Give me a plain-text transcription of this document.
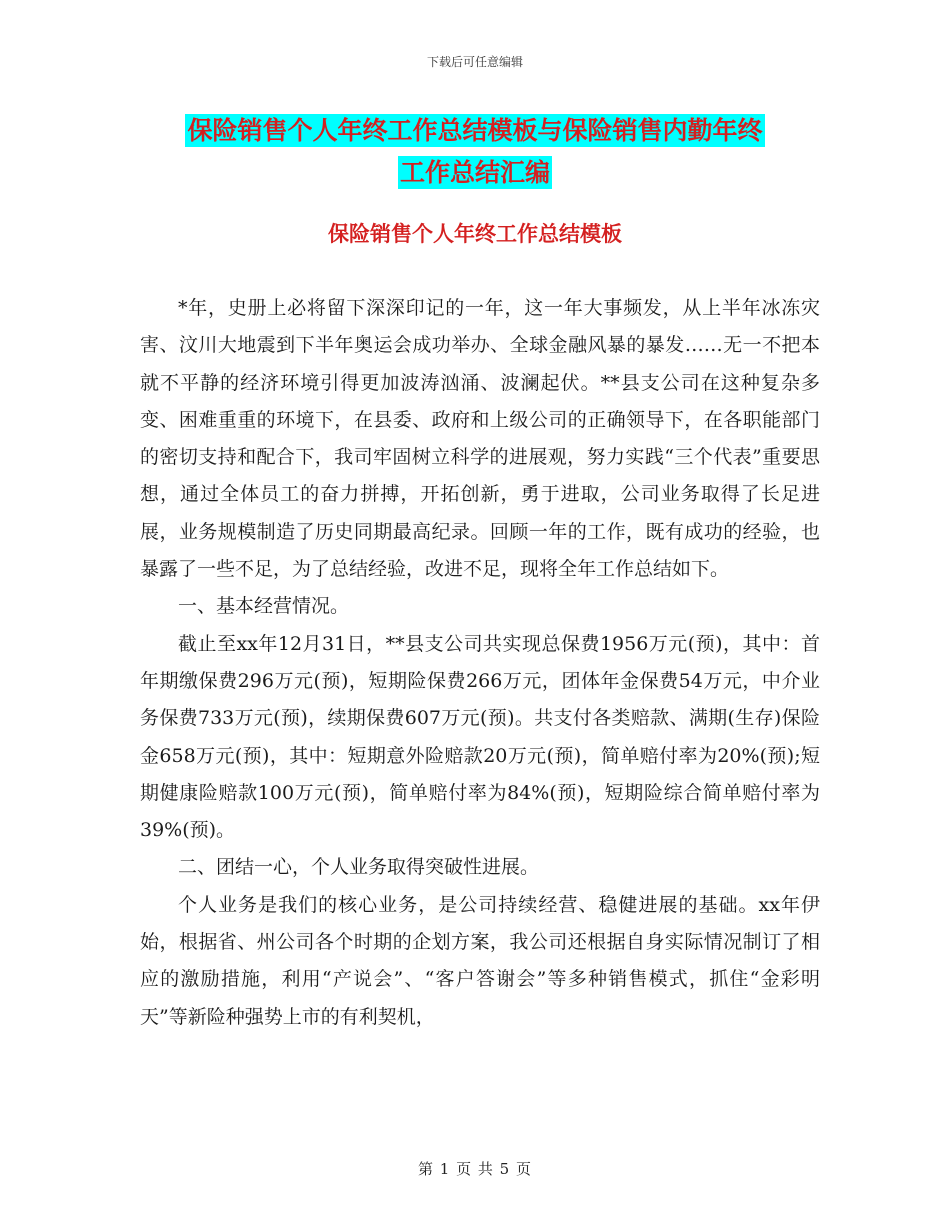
下载后可任意编辑
保险销售个人年终工作总结模板与保险销售内勤年终
工作总结汇编
保险销售个人年终工作总结模板

*年，史册上必将留下深深印记的一年，这一年大事频发，从上半年冰冻灾害、汶川大地震到下半年奥运会成功举办、全球金融风暴的暴发……无一不把本就不平静的经济环境引得更加波涛汹涌、波澜起伏。**县支公司在这种复杂多变、困难重重的环境下，在县委、政府和上级公司的正确领导下，在各职能部门的密切支持和配合下，我司牢固树立科学的进展观，努力实践“三个代表”重要思想，通过全体员工的奋力拼搏，开拓创新，勇于进取，公司业务取得了长足进展，业务规模制造了历史同期最高纪录。回顾一年的工作，既有成功的经验，也暴露了一些不足，为了总结经验，改进不足，现将全年工作总结如下。

一、基本经营情况。

截止至xx年12月31日，**县支公司共实现总保费1956万元(预)，其中：首年期缴保费296万元(预)，短期险保费266万元，团体年金保费54万元，中介业务保费733万元(预)，续期保费607万元(预)。共支付各类赔款、满期(生存)保险金658万元(预)，其中：短期意外险赔款20万元(预)，简单赔付率为20%(预);短期健康险赔款100万元(预)，简单赔付率为84%(预)，短期险综合简单赔付率为39%(预)。

二、团结一心，个人业务取得突破性进展。

个人业务是我们的核心业务，是公司持续经营、稳健进展的基础。xx年伊始，根据省、州公司各个时期的企划方案，我公司还根据自身实际情况制订了相应的激励措施，利用“产说会”、“客户答谢会”等多种销售模式，抓住“金彩明天”等新险种强势上市的有利契机，

第 1 页 共 5 页
